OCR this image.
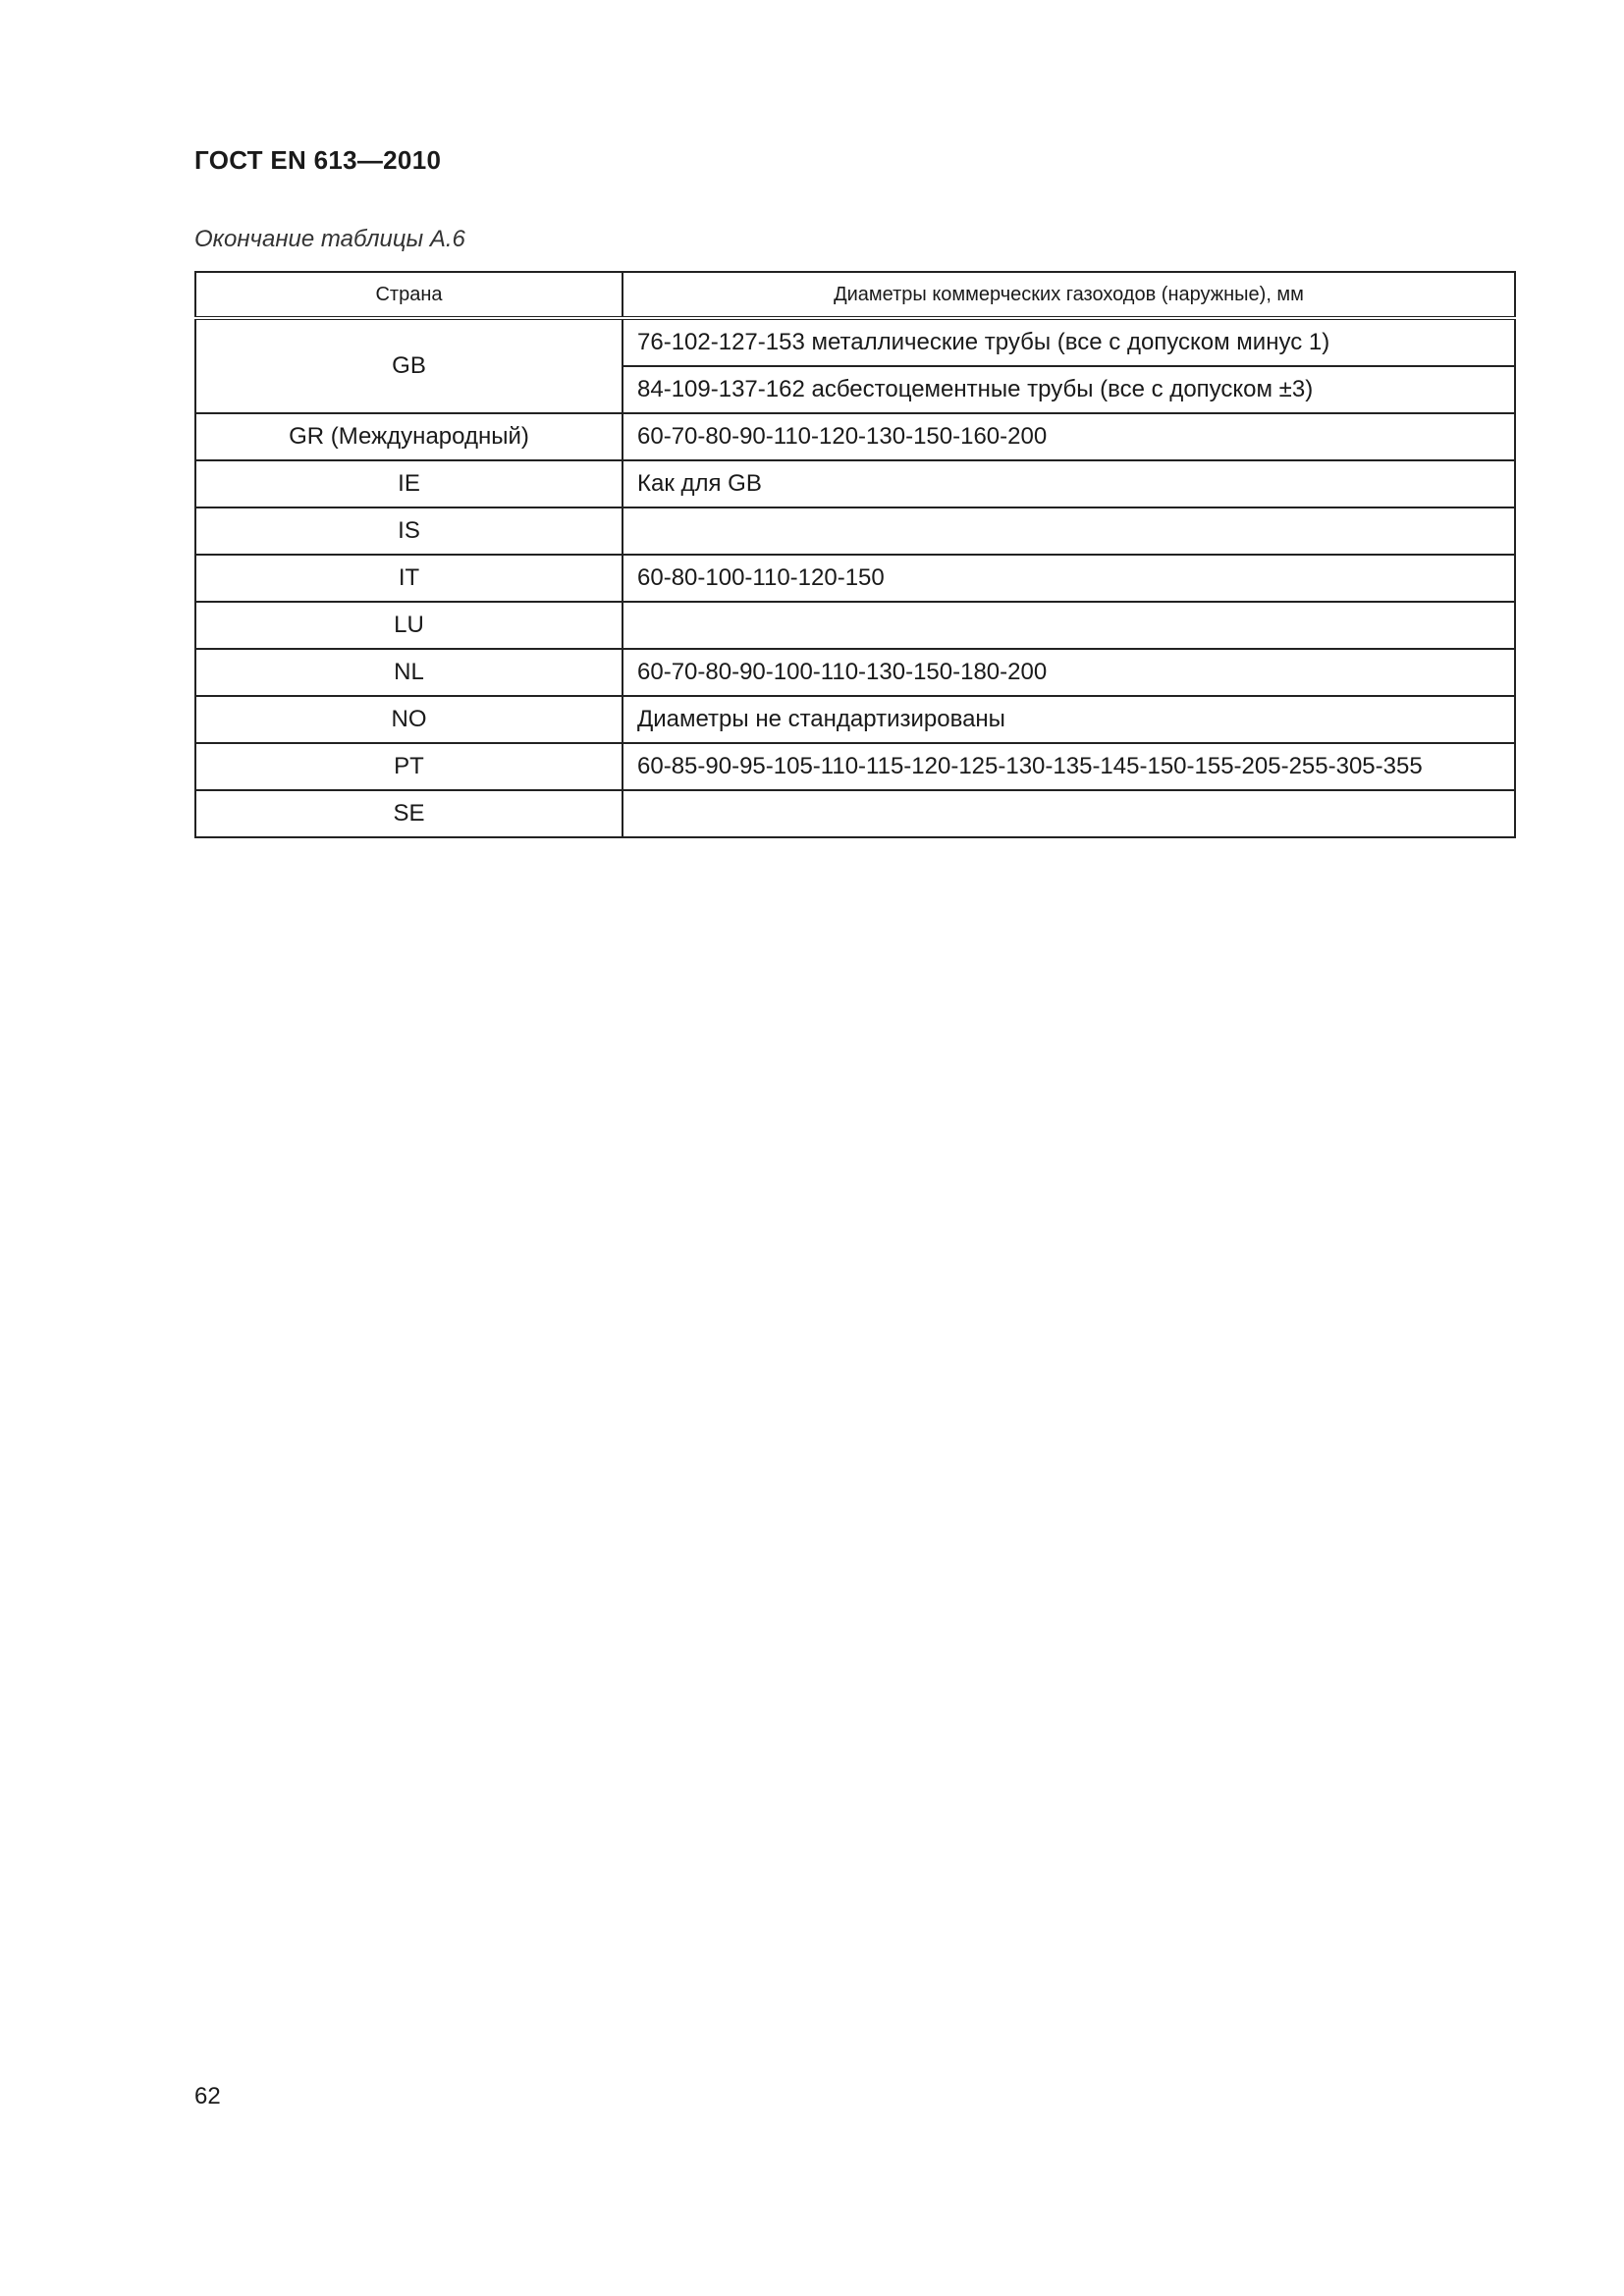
ГОСТ EN 613—2010
Окончание таблицы А.6
Страна	Диаметры коммерческих газоходов (наружные), мм
GB	76-102-127-153 металлические трубы (все с допуском минус 1)
	84-109-137-162 асбестоцементные трубы (все с допуском ±3)
GR (Международный)	60-70-80-90-110-120-130-150-160-200
IE	Как для GB
IS	
IT	60-80-100-110-120-150
LU	
NL	60-70-80-90-100-110-130-150-180-200
NO	Диаметры не стандартизированы
PT	60-85-90-95-105-110-115-120-125-130-135-145-150-155-205-255-305-355
SE	
62
